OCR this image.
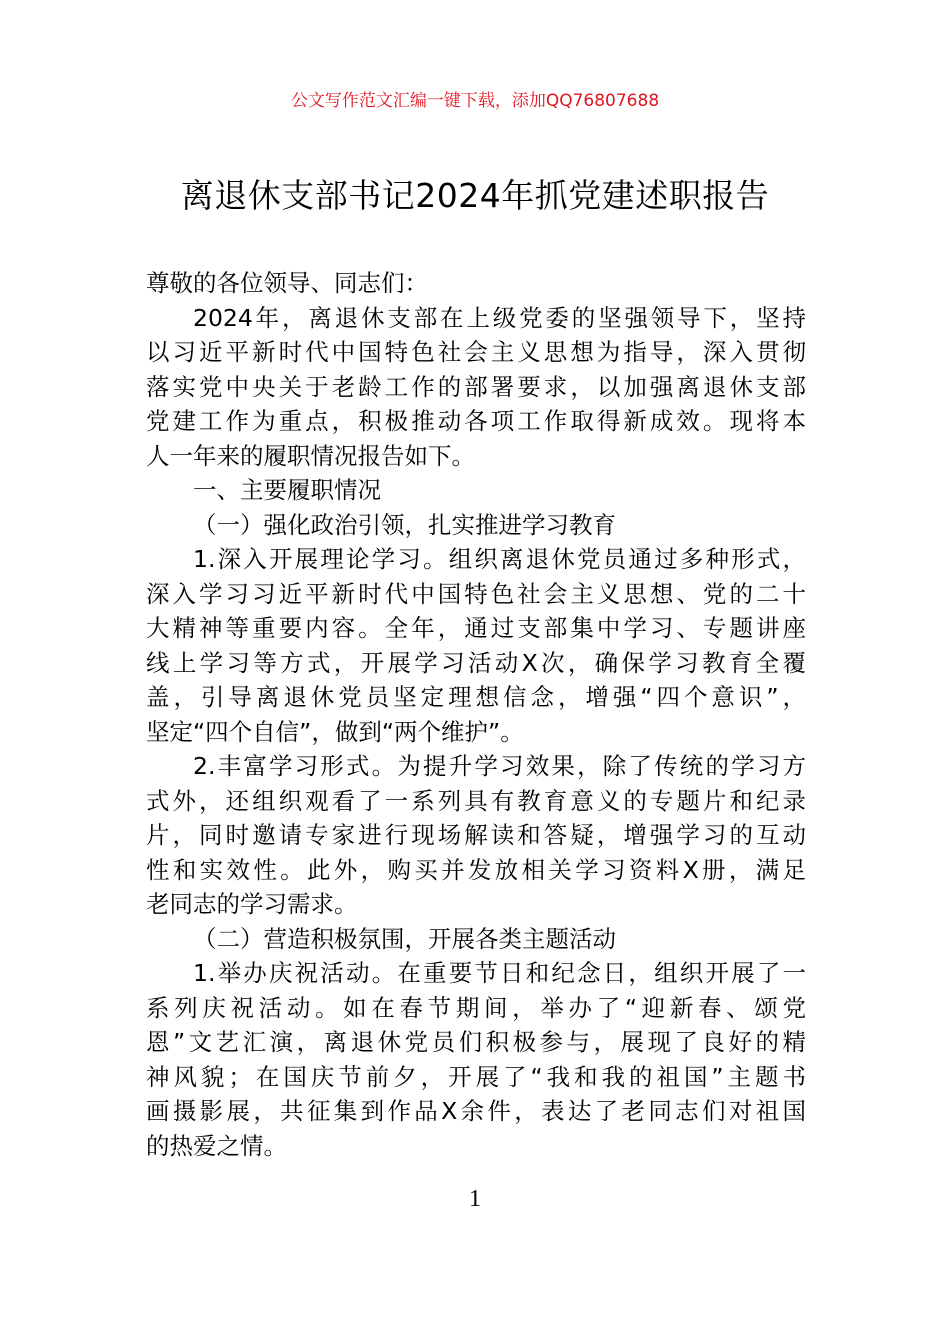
公文写作范文汇编一键下载，添加QQ76807688
离退休支部书记2024年抓党建述职报告
尊敬的各位领导、同志们：
2024年，离退休支部在上级党委的坚强领导下，坚持
以习近平新时代中国特色社会主义思想为指导，深入贯彻
落实党中央关于老龄工作的部署要求，以加强离退休支部
党建工作为重点，积极推动各项工作取得新成效。现将本
人一年来的履职情况报告如下。
一、主要履职情况
（一）强化政治引领，扎实推进学习教育
1.深入开展理论学习。组织离退休党员通过多种形式，
深入学习习近平新时代中国特色社会主义思想、党的二十
大精神等重要内容。全年，通过支部集中学习、专题讲座
线上学习等方式，开展学习活动X次，确保学习教育全覆
盖，引导离退休党员坚定理想信念，增强“四个意识”，
坚定“四个自信”，做到“两个维护”。
2.丰富学习形式。为提升学习效果，除了传统的学习方
式外，还组织观看了一系列具有教育意义的专题片和纪录
片，同时邀请专家进行现场解读和答疑，增强学习的互动
性和实效性。此外，购买并发放相关学习资料X册，满足
老同志的学习需求。
（二）营造积极氛围，开展各类主题活动
1.举办庆祝活动。在重要节日和纪念日，组织开展了一
系列庆祝活动。如在春节期间，举办了“迎新春、颂党
恩”文艺汇演，离退休党员们积极参与，展现了良好的精
神风貌；在国庆节前夕，开展了“我和我的祖国”主题书
画摄影展，共征集到作品X余件，表达了老同志们对祖国
的热爱之情。
1
